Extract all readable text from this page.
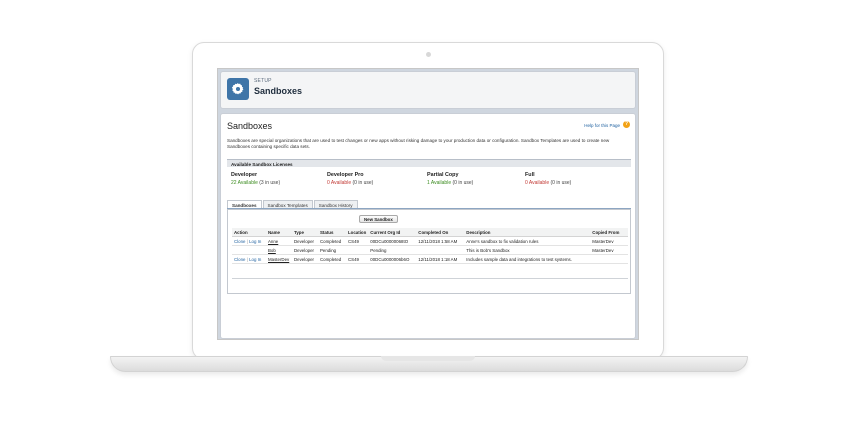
SETUP
Sandboxes
Sandboxes	Help for this Page ?
Sandboxes are special organizations that are used to test changes or new apps without risking damage to your production data or configuration. Sandbox Templates are used to create new Sandboxes containing specific data sets.
Available Sandbox Licenses
Developer
22 Available (3 in use)
Developer Pro
0 Available (0 in use)
Partial Copy
1 Available (0 in use)
Full
0 Available (0 in use)
Sandboxes	Sandbox Templates	Sandbox History
New Sandbox
Action	Name	Type	Status	Location	Current Org Id	Completed On	Description	Copied From
Clone | Log In	Anne	Developer	Completed	CS49	00DCu00000068tO	12/11/2018 1:58 AM	Anne's sandbox to fix validation rules	MasterDev
	Bob	Developer	Pending		Pending		This is Bob's Sandbox	MasterDev
Clone | Log In	MasterDev	Developer	Completed	CS49	00DCu0000006b6O	12/11/2018 1:18 AM	Includes sample data and integrations to test systems.	
